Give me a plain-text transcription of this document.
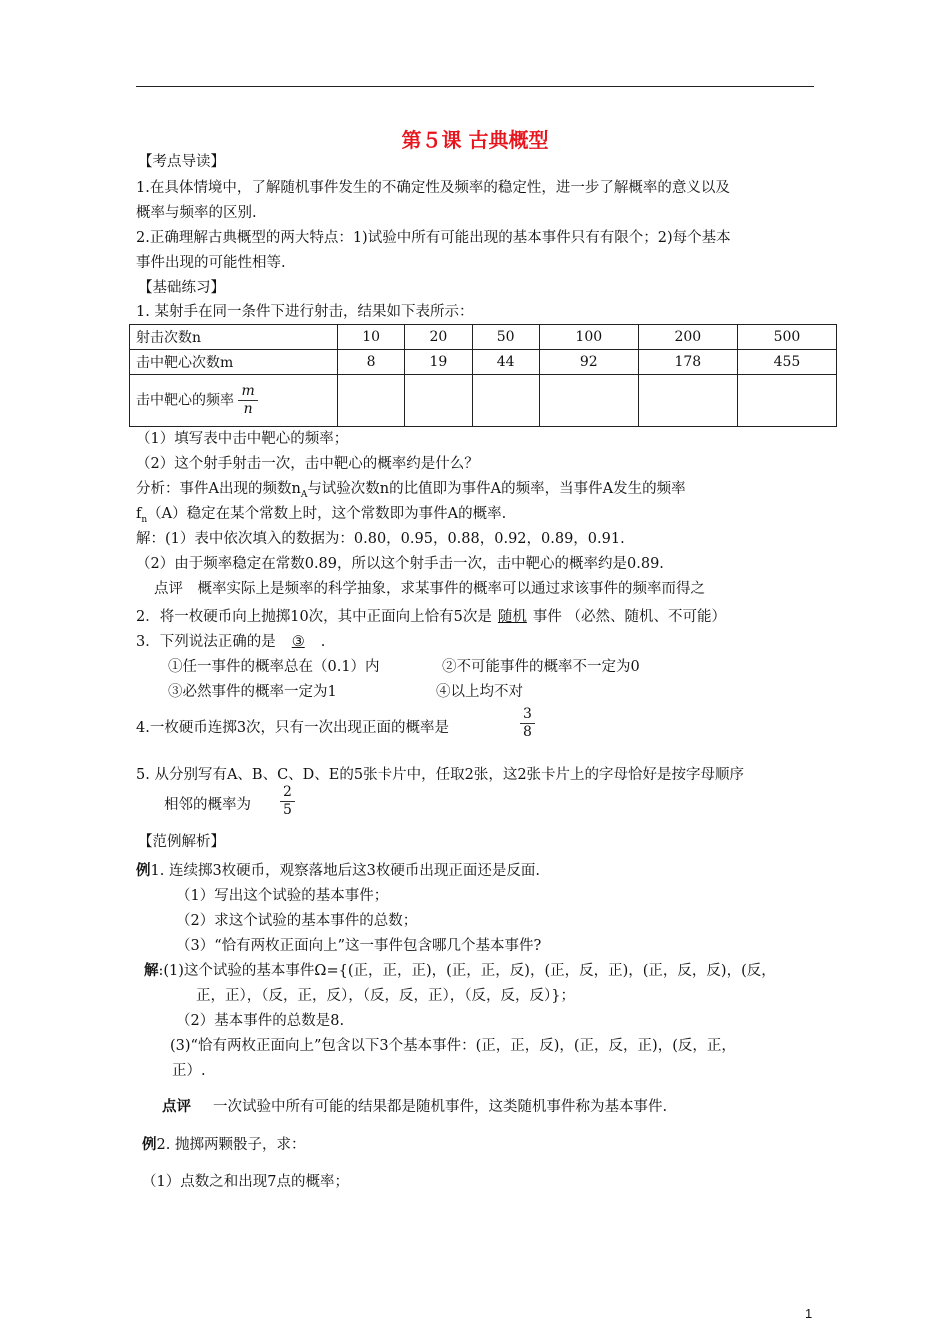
第５课 古典概型
【考点导读】
1.在具体情境中，了解随机事件发生的不确定性及频率的稳定性，进一步了解概率的意义以及
概率与频率的区别.
2.正确理解古典概型的两大特点：1)试验中所有可能出现的基本事件只有有限个；2)每个基本
事件出现的可能性相等.
【基础练习】
1. 某射手在同一条件下进行射击，结果如下表所示：
射击次数n	10	20	50	100	200	500
击中靶心次数m	8	19	44	92	178	455
击中靶心的频率 $\frac{m}{n}$

（1）填写表中击中靶心的频率；
（2）这个射手射击一次，击中靶心的概率约是什么？
分析：事件A出现的频数$n_A$与试验次数n的比值即为事件A的频率，当事件A发生的频率
$f_n(A)$稳定在某个常数上时，这个常数即为事件A的概率.
解：(1）表中依次填入的数据为：0.80，0.95，0.88，0.92，0.89，0.91.
（2）由于频率稳定在常数0.89，所以这个射手击一次，击中靶心的概率约是0.89.
点评　概率实际上是频率的科学抽象，求某事件的概率可以通过求该事件的频率而得之
2．将一枚硬币向上抛掷10次，其中正面向上恰有5次是 随机 事件 （必然、随机、不可能）
3．下列说法正确的是 ③ .
①任一事件的概率总在（0.1）内	②不可能事件的概率不一定为0
③必然事件的概率一定为1	④以上均不对
4.一枚硬币连掷3次，只有一次出现正面的概率是	$\frac{3}{8}$
5. 从分别写有A、B、C、D、E的5张卡片中，任取2张，这2张卡片上的字母恰好是按字母顺序
相邻的概率为 $\frac{2}{5}$
【范例解析】
例1. 连续掷3枚硬币，观察落地后这3枚硬币出现正面还是反面.
（1）写出这个试验的基本事件；
（2）求这个试验的基本事件的总数；
（3）“恰有两枚正面向上”这一事件包含哪几个基本事件?
解:(1)这个试验的基本事件Ω={(正，正，正)，(正，正，反)，(正，反，正)，(正，反，反)，(反，
正，正），（反，正，反），（反，反，正），（反，反，反）}；
（2）基本事件的总数是8.
(3)“恰有两枚正面向上”包含以下3个基本事件：(正，正，反)，(正，反，正)，(反，正，
正）.
点评 一次试验中所有可能的结果都是随机事件，这类随机事件称为基本事件.
例2. 抛掷两颗骰子，求：
（1）点数之和出现7点的概率；
1
